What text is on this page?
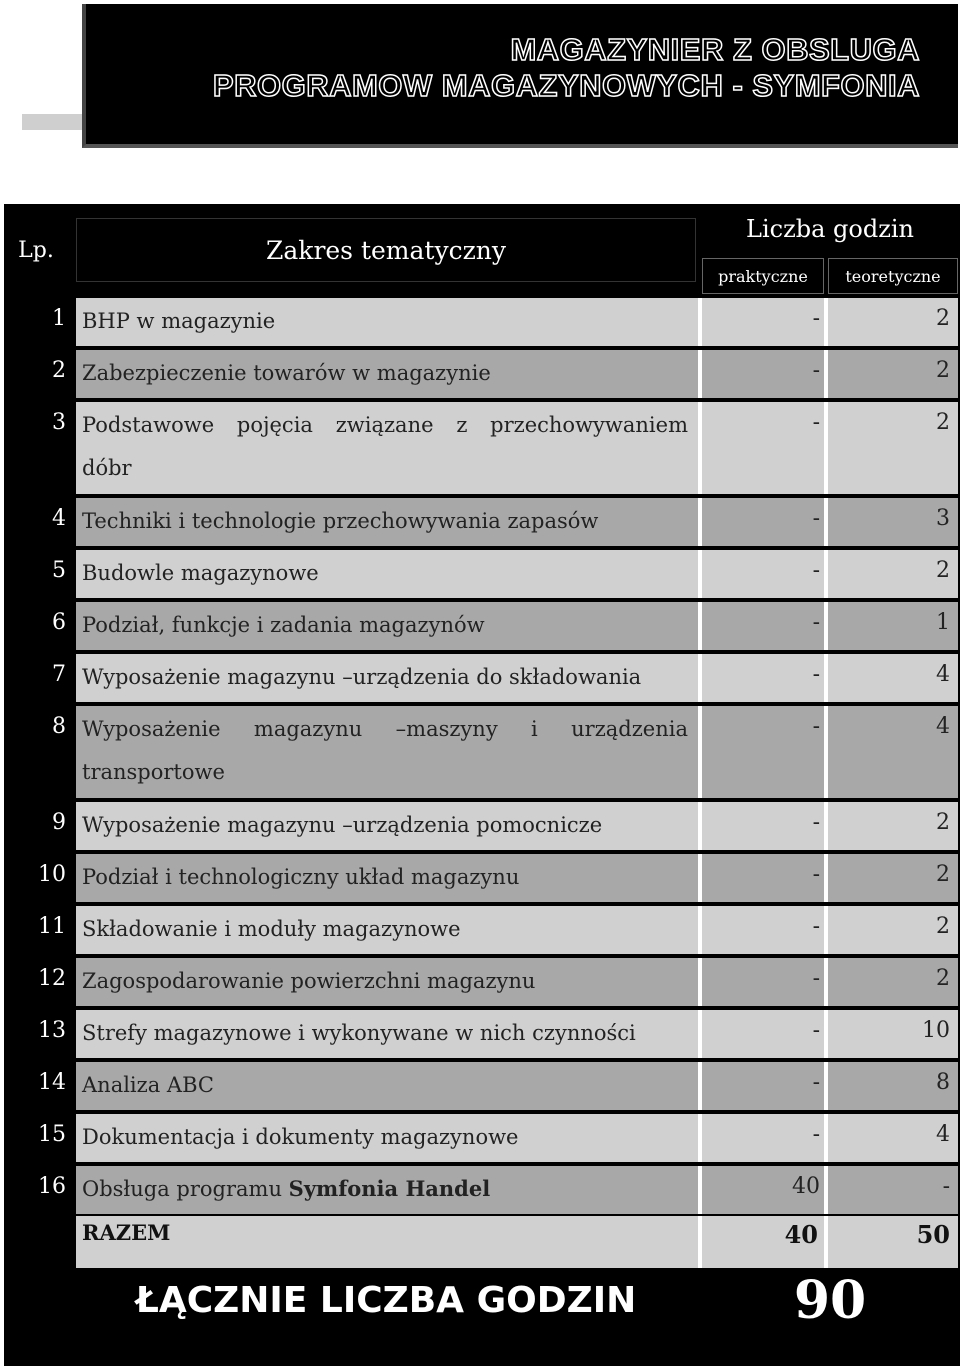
MAGAZYNIER Z OBSLUGA
PROGRAMOW MAGAZYNOWYCH - SYMFONIA
Lp.	Zakres tematyczny
Liczba godzin
praktyczne	teoretyczne
1 BHP w magazynie	-	2
2 Zabezpieczenie towarów w magazynie	-	2
3 Podstawowe pojęcia związane z przechowywaniem
dóbr
-	2
4 Techniki i technologie przechowywania zapasów	-	3
5 Budowle magazynowe	-	2
6 Podział, funkcje i zadania magazynów	-	1
7 Wyposażenie magazynu –urządzenia do składowania	-	4
8 Wyposażenie magazynu –maszyny i urządzenia
transportowe
-	4
9 Wyposażenie magazynu –urządzenia pomocnicze	-	2
10 Podział i technologiczny układ magazynu	-	2
11 Składowanie i moduły magazynowe	-	2
12 Zagospodarowanie powierzchni magazynu	-	2
13 Strefy magazynowe i wykonywane w nich czynności	-	10
14 Analiza ABC	-	8
15 Dokumentacja i dokumenty magazynowe	-	4
16 Obsługa programu Symfonia Handel	40	-
RAZEM	40	50
ŁĄCZNIE LICZBA GODZIN	90
